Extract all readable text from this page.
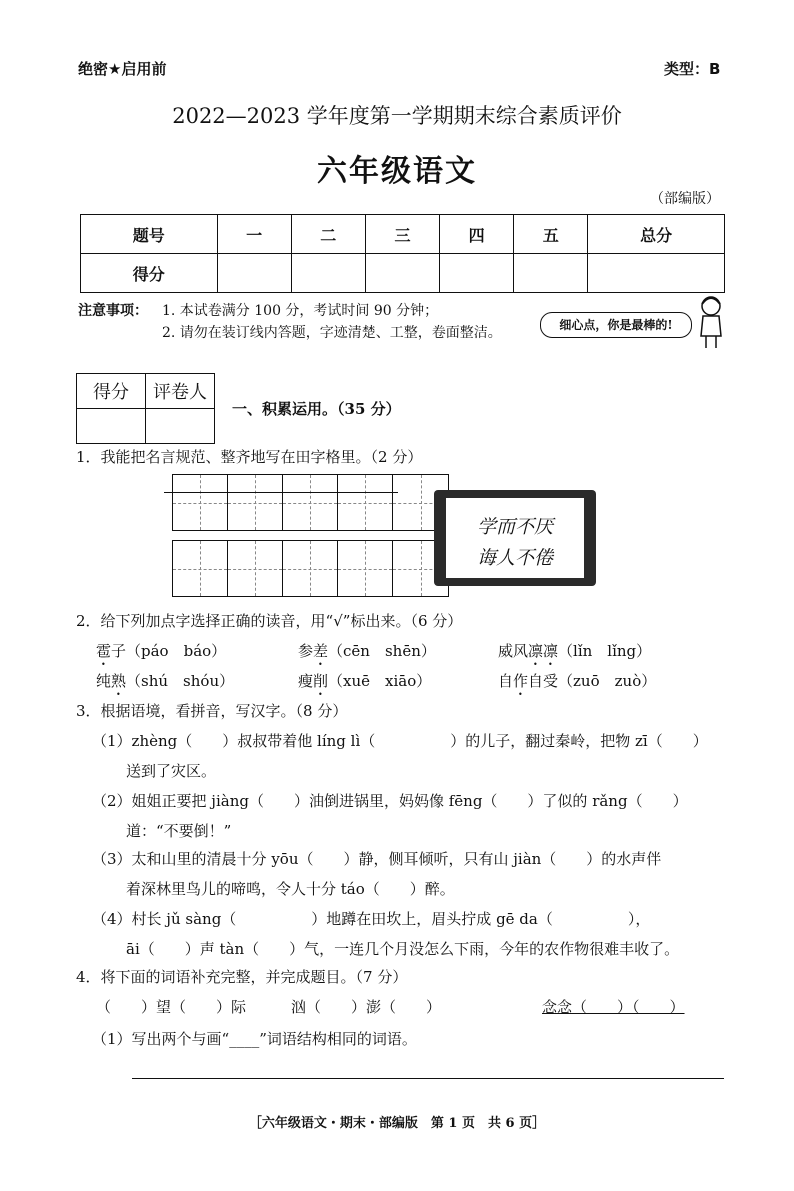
绝密★启用前	类型：B
2022—2023 学年度第一学期期末综合素质评价
六年级语文
（部编版）
题号	一	二	三	四	五	总分
得分						
注意事项： 1. 本试卷满分 100 分，考试时间 90 分钟；
2. 请勿在装订线内答题，字迹清楚、工整，卷面整洁。	细心点，你是最棒的!
得分	评卷人

一、积累运用。（35 分）
1．我能把名言规范、整齐地写在田字格里。（2 分）
学而不厌
诲人不倦
2．给下列加点字选择正确的读音，用“√”标出来。（6 分）
雹子（páo　báo）	参差（cēn　shēn）	威风凛凛（lǐn　lǐng）
纯熟（shú　shóu）	瘦削（xuē　xiāo）	自作自受（zuō　zuò）
3．根据语境，看拼音，写汉字。（8 分）
（1）zhèng（　　）叔叔带着他 líng lì（　　　　　）的儿子，翻过秦岭，把物 zī（　　）
送到了灾区。
（2）姐姐正要把 jiàng（　　）油倒进锅里，妈妈像 fēng（　　）了似的 rǎng（　　）
道：“不要倒！”
（3）太和山里的清晨十分 yōu（　　）静，侧耳倾听，只有山 jiàn（　　）的水声伴
着深林里鸟儿的啼鸣，令人十分 táo（　　）醉。
（4）村长 jǔ sàng（　　　　　）地蹲在田坎上，眉头拧成 gē da（　　　　　），
āi（　　）声 tàn（　　）气，一连几个月没怎么下雨，今年的农作物很难丰收了。
4．将下面的词语补充完整，并完成题目。（7 分）
（　　）望（　　）际　　　汹（　　）澎（　　）	念念（　　）（　　）
（1）写出两个与画“____”词语结构相同的词语。
［六年级语文・期末・部编版　第 1 页　共 6 页］
